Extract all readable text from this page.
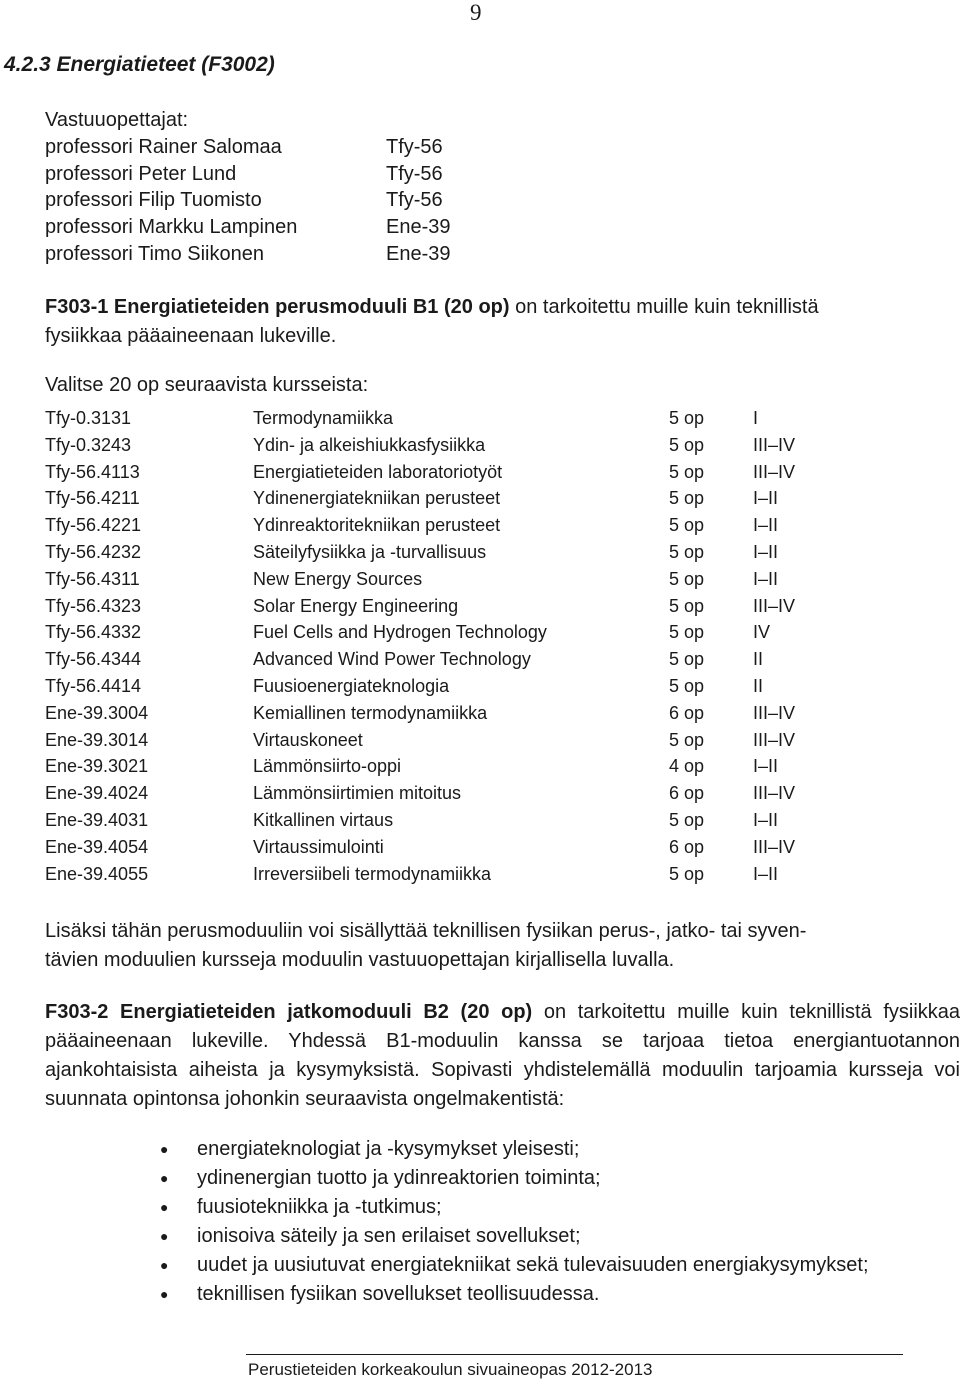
9
4.2.3 Energiatieteet (F3002)
Vastuuopettajat:
professori Rainer Salomaa	Tfy-56
professori Peter Lund	Tfy-56
professori Filip Tuomisto	Tfy-56
professori Markku Lampinen	Ene-39
professori Timo Siikonen	Ene-39
F303-1 Energiatieteiden perusmoduuli B1 (20 op) on tarkoitettu muille kuin teknillistä
fysiikkaa pääaineenaan lukeville.
Valitse 20 op seuraavista kursseista:
Tfy-0.3131	Termodynamiikka	5 op	I
Tfy-0.3243	Ydin- ja alkeishiukkasfysiikka	5 op	III–IV
Tfy-56.4113	Energiatieteiden laboratoriotyöt	5 op	III–IV
Tfy-56.4211	Ydinenergiatekniikan perusteet	5 op	I–II
Tfy-56.4221	Ydinreaktoritekniikan perusteet	5 op	I–II
Tfy-56.4232	Säteilyfysiikka ja -turvallisuus	5 op	I–II
Tfy-56.4311	New Energy Sources	5 op	I–II
Tfy-56.4323	Solar Energy Engineering	5 op	III–IV
Tfy-56.4332	Fuel Cells and Hydrogen Technology	5 op	IV
Tfy-56.4344	Advanced Wind Power Technology	5 op	II
Tfy-56.4414	Fuusioenergiateknologia	5 op	II
Ene-39.3004	Kemiallinen termodynamiikka	6 op	III–IV
Ene-39.3014	Virtauskoneet	5 op	III–IV
Ene-39.3021	Lämmönsiirto-oppi	4 op	I–II
Ene-39.4024	Lämmönsiirtimien mitoitus	6 op	III–IV
Ene-39.4031	Kitkallinen virtaus	5 op	I–II
Ene-39.4054	Virtaussimulointi	6 op	III–IV
Ene-39.4055	Irreversiibeli termodynamiikka	5 op	I–II
Lisäksi tähän perusmoduuliin voi sisällyttää teknillisen fysiikan perus-, jatko- tai syven-
tävien moduulien kursseja moduulin vastuuopettajan kirjallisella luvalla.
F303-2 Energiatieteiden jatkomoduuli B2 (20 op) on tarkoitettu muille kuin teknillistä fysiikkaa pääaineenaan lukeville. Yhdessä B1-moduulin kanssa se tarjoaa tietoa energiantuotannon ajankohtaisista aiheista ja kysymyksistä. Sopivasti yhdistelemällä moduulin tarjoamia kursseja voi suunnata opintonsa johonkin seuraavista ongelmakentistä:
●	energiateknologiat ja -kysymykset yleisesti;
●	ydinenergian tuotto ja ydinreaktorien toiminta;
●	fuusiotekniikka ja -tutkimus;
●	ionisoiva säteily ja sen erilaiset sovellukset;
●	uudet ja uusiutuvat energiatekniikat sekä tulevaisuuden energiakysymykset;
●	teknillisen fysiikan sovellukset teollisuudessa.
Perustieteiden korkeakoulun sivuaineopas 2012-2013
